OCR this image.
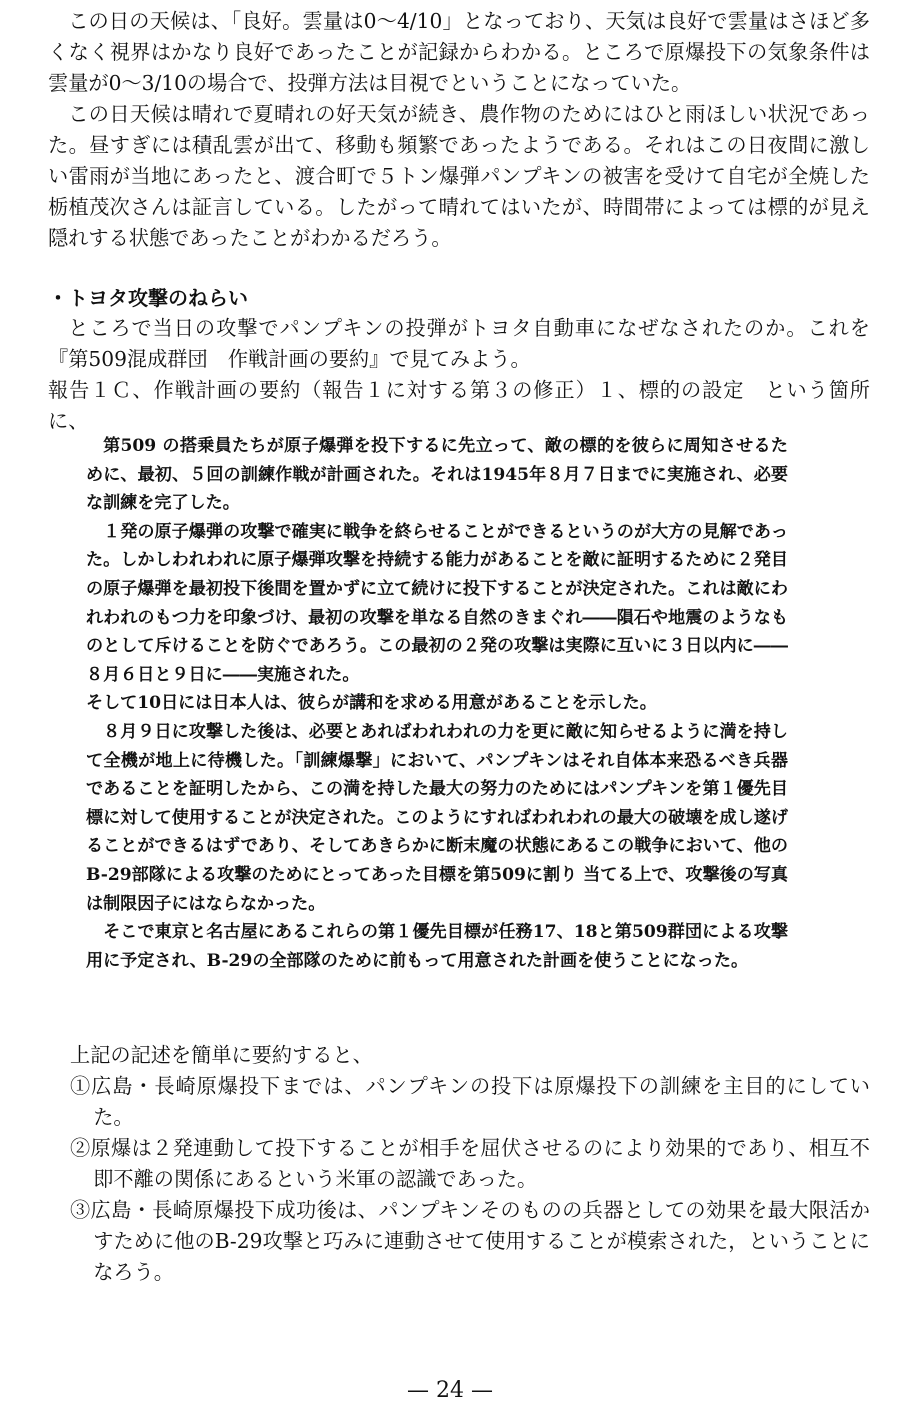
この日の天候は、「良好。雲量は0〜4/10」となっており、天気は良好で雲量はさほど多くなく視界はかなり良好であったことが記録からわかる。ところで原爆投下の気象条件は雲量が0〜3/10の場合で、投弾方法は目視でということになっていた。

この日天候は晴れで夏晴れの好天気が続き、農作物のためにはひと雨ほしい状況であった。昼すぎには積乱雲が出て、移動も頻繁であったようである。それはこの日夜間に激しい雷雨が当地にあったと、渡合町で５トン爆弾パンプキンの被害を受けて自宅が全焼した栃植茂次さんは証言している。したがって晴れてはいたが、時間帯によっては標的が見え隠れする状態であったことがわかるだろう。

・トヨタ攻撃のねらい

ところで当日の攻撃でパンプキンの投弾がトヨタ自動車になぜなされたのか。これを『第509混成群団　作戦計画の要約』で見てみよう。

報告１Ｃ、作戦計画の要約（報告１に対する第３の修正）１、標的の設定　という箇所に、

第509 の搭乗員たちが原子爆弾を投下するに先立って、敵の標的を彼らに周知させるために、最初、５回の訓練作戦が計画された。それは1945年８月７日までに実施され、必要な訓練を完了した。

１発の原子爆弾の攻撃で確実に戦争を終らせることができるというのが大方の見解であった。しかしわれわれに原子爆弾攻撃を持続する能力があることを敵に証明するために２発目の原子爆弾を最初投下後間を置かずに立て続けに投下することが決定された。これは敵にわれわれのもつ力を印象づけ、最初の攻撃を単なる自然のきまぐれ――隕石や地震のようなものとして斥けることを防ぐであろう。この最初の２発の攻撃は実際に互いに３日以内に――８月６日と９日に――実施された。

そして10日には日本人は、彼らが講和を求める用意があることを示した。

８月９日に攻撃した後は、必要とあればわれわれの力を更に敵に知らせるように満を持して全機が地上に待機した。「訓練爆撃」において、パンプキンはそれ自体本来恐るべき兵器であることを証明したから、この満を持した最大の努力のためにはパンプキンを第１優先目標に対して使用することが決定された。このようにすればわれわれの最大の破壊を成し遂げることができるはずであり、そしてあきらかに断末魔の状態にあるこの戦争において、他のB-29部隊による攻撃のためにとってあった目標を第509に割り 当てる上で、攻撃後の写真は制限因子にはならなかった。

そこで東京と名古屋にあるこれらの第１優先目標が任務17、18と第509群団による攻撃用に予定され、B-29の全部隊のために前もって用意された計画を使うことになった。

上記の記述を簡単に要約すると、

①広島・長崎原爆投下までは、パンプキンの投下は原爆投下の訓練を主目的にしていた。

②原爆は２発連動して投下することが相手を屈伏させるのにより効果的であり、相互不即不離の関係にあるという米軍の認識であった。

③広島・長崎原爆投下成功後は、パンプキンそのものの兵器としての効果を最大限活かすために他のB-29攻撃と巧みに連動させて使用することが模索された，ということになろう。

— 24 —
